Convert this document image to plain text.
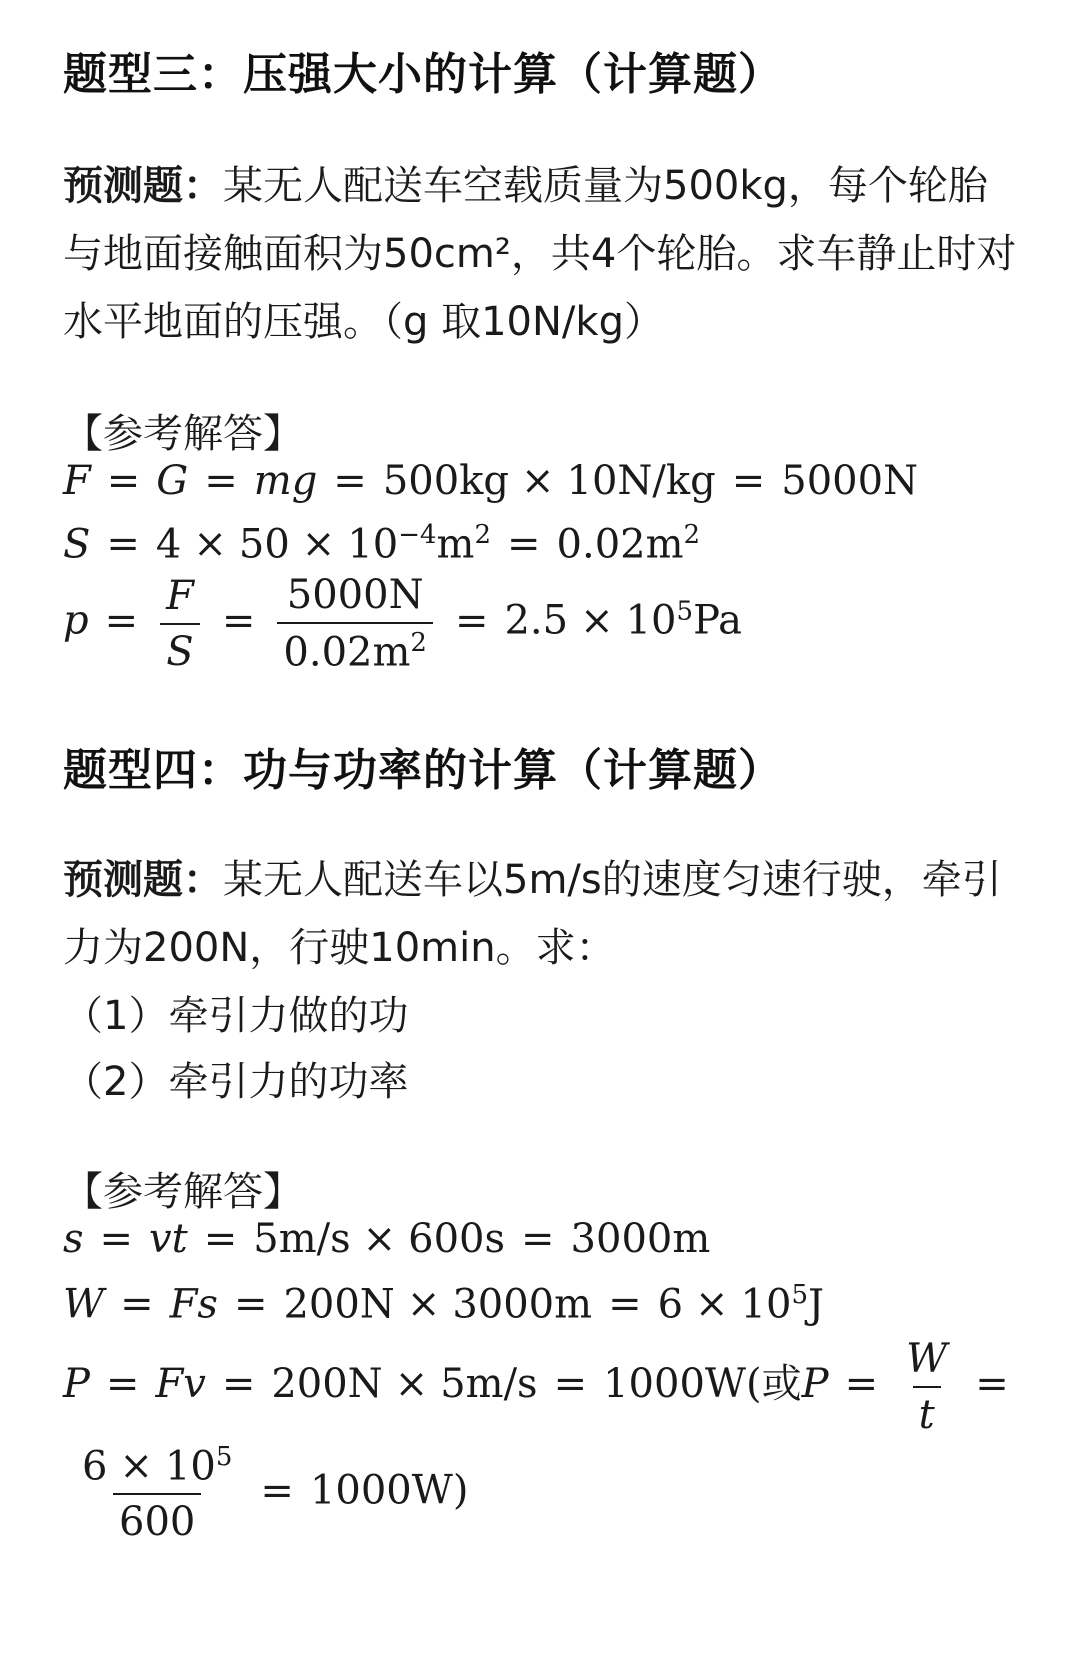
题型三：压强大小的计算（计算题）
预测题：某无人配送车空载质量为500kg，每个轮胎与地面接触面积为50cm²，共4个轮胎。求车静止时对水平地面的压强。（g 取10N/kg）
【参考解答】
F = G = mg = 500kg × 10N/kg = 5000N
$S = 4 \times 50 \times 10^{-4}m^2 = 0.02m^2$
$p = \frac{F}{S} = \frac{5000N}{0.02m^2} = 2.5 \times 10^5Pa$
题型四：功与功率的计算（计算题）
预测题：某无人配送车以5m/s的速度匀速行驶，牵引力为200N，行驶10min。求：
（1）牵引力做的功
（2）牵引力的功率
【参考解答】
s = vt = 5m/s × 600s = 3000m
$W = Fs = 200N \times 3000m = 6 \times 10^5J$
P = Fv = 200N × 5m/s = 1000W(或$P = \frac{W}{t}$ =
$\frac{6 \times 10^5}{600} = 1000W$)
